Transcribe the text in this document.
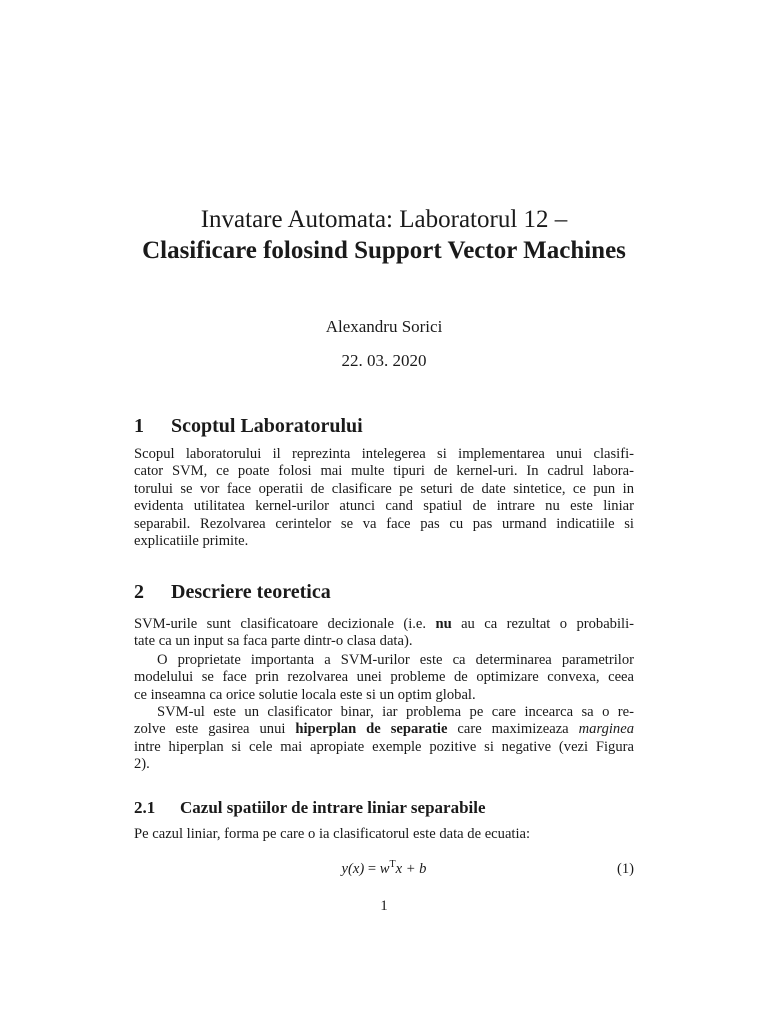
Invatare Automata: Laboratorul 12 –
Clasificare folosind Support Vector Machines
Alexandru Sorici
22. 03. 2020
1 Scoptul Laboratorului
Scopul laboratorului il reprezinta intelegerea si implementarea unui clasifi-
cator SVM, ce poate folosi mai multe tipuri de kernel-uri. In cadrul labora-
torului se vor face operatii de clasificare pe seturi de date sintetice, ce pun in
evidenta utilitatea kernel-urilor atunci cand spatiul de intrare nu este liniar
separabil. Rezolvarea cerintelor se va face pas cu pas urmand indicatiile si
explicatiile primite.
2 Descriere teoretica
SVM-urile sunt clasificatoare decizionale (i.e. nu au ca rezultat o probabili-
tate ca un input sa faca parte dintr-o clasa data).
O proprietate importanta a SVM-urilor este ca determinarea parametrilor
modelului se face prin rezolvarea unei probleme de optimizare convexa, ceea
ce inseamna ca orice solutie locala este si un optim global.
SVM-ul este un clasificator binar, iar problema pe care incearca sa o re-
zolve este gasirea unui hiperplan de separatie care maximizeaza marginea
intre hiperplan si cele mai apropiate exemple pozitive si negative (vezi Figura
2).
2.1 Cazul spatiilor de intrare liniar separabile
Pe cazul liniar, forma pe care o ia clasificatorul este data de ecuatia:
$y(x) = w^Tx + b$	(1)
1
